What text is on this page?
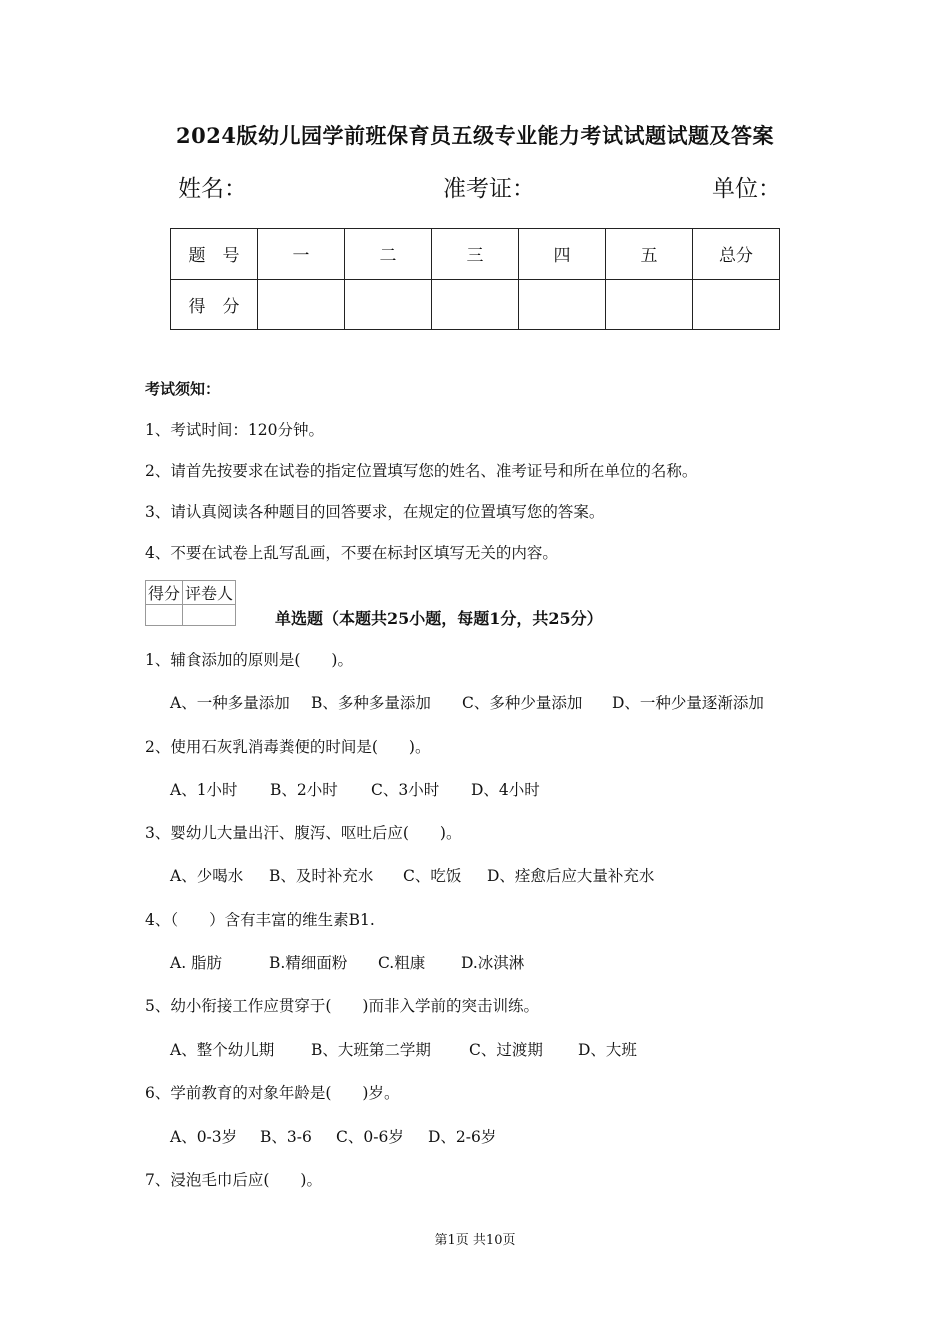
2024版幼儿园学前班保育员五级专业能力考试试题试题及答案
姓名：	准考证：	单位：
题　号	一	二	三	四	五	总分
得　分						
考试须知：
1、考试时间：120分钟。
2、请首先按要求在试卷的指定位置填写您的姓名、准考证号和所在单位的名称。
3、请认真阅读各种题目的回答要求，在规定的位置填写您的答案。
4、不要在试卷上乱写乱画，不要在标封区填写无关的内容。
得分	评卷人

单选题（本题共25小题，每题1分，共25分）
1、辅食添加的原则是(　　)。
A、一种多量添加 B、多种多量添加 C、多种少量添加 D、一种少量逐渐添加
2、使用石灰乳消毒粪便的时间是(　　)。
A、1小时 B、2小时 C、3小时 D、4小时
3、婴幼儿大量出汗、腹泻、呕吐后应(　　)。
A、少喝水 B、及时补充水 C、吃饭 D、痊愈后应大量补充水
4、（　　）含有丰富的维生素B1.
A. 脂肪	B.精细面粉 C.粗康 D.冰淇淋
5、幼小衔接工作应贯穿于(　　)而非入学前的突击训练。
A、整个幼儿期 B、大班第二学期 C、过渡期 D、大班
6、学前教育的对象年龄是(　　)岁。
A、0-3岁 B、3-6 C、0-6岁 D、2-6岁
7、浸泡毛巾后应(　　)。
第1页 共10页
